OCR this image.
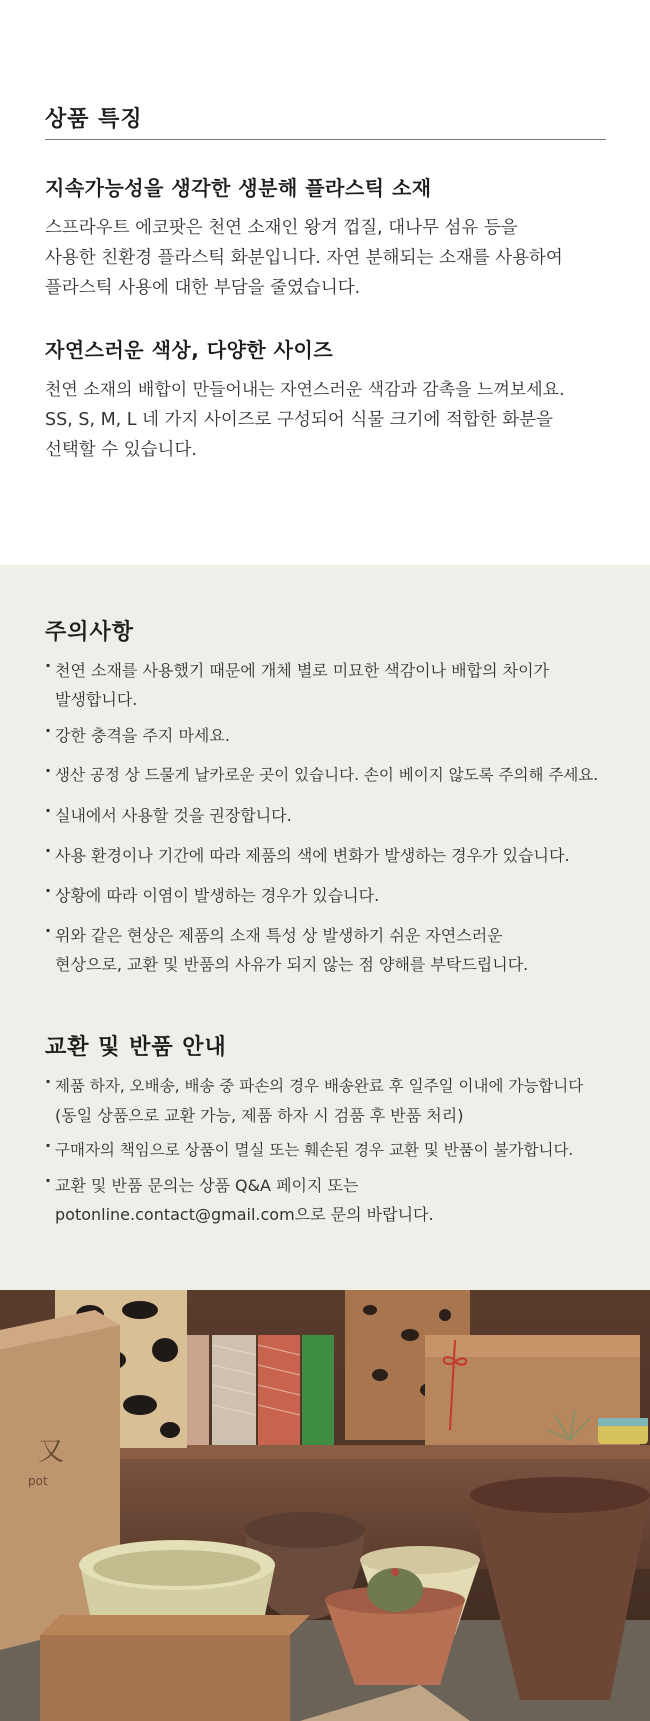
상품 특징
지속가능성을 생각한 생분해 플라스틱 소재
스프라우트 에코팟은 천연 소재인 왕겨 껍질, 대나무 섬유 등을
사용한 친환경 플라스틱 화분입니다. 자연 분해되는 소재를 사용하여
플라스틱 사용에 대한 부담을 줄였습니다.
자연스러운 색상, 다양한 사이즈
천연 소재의 배합이 만들어내는 자연스러운 색감과 감촉을 느껴보세요.
SS, S, M, L 네 가지 사이즈로 구성되어 식물 크기에 적합한 화분을
선택할 수 있습니다.
주의사항
· 천연 소재를 사용했기 때문에 개체 별로 미묘한 색감이나 배합의 차이가
발생합니다.
· 강한 충격을 주지 마세요.
· 생산 공정 상 드물게 날카로운 곳이 있습니다. 손이 베이지 않도록 주의해 주세요.
· 실내에서 사용할 것을 권장합니다.
· 사용 환경이나 기간에 따라 제품의 색에 변화가 발생하는 경우가 있습니다.
· 상황에 따라 이염이 발생하는 경우가 있습니다.
· 위와 같은 현상은 제품의 소재 특성 상 발생하기 쉬운 자연스러운
현상으로, 교환 및 반품의 사유가 되지 않는 점 양해를 부탁드립니다.
교환 및 반품 안내
· 제품 하자, 오배송, 배송 중 파손의 경우 배송완료 후 일주일 이내에 가능합니다
(동일 상품으로 교환 가능, 제품 하자 시 검품 후 반품 처리)
· 구매자의 책임으로 상품이 멸실 또는 훼손된 경우 교환 및 반품이 불가합니다.
· 교환 및 반품 문의는 상품 Q&A 페이지 또는
potonline.contact@gmail.com으로 문의 바랍니다.
又
pot
